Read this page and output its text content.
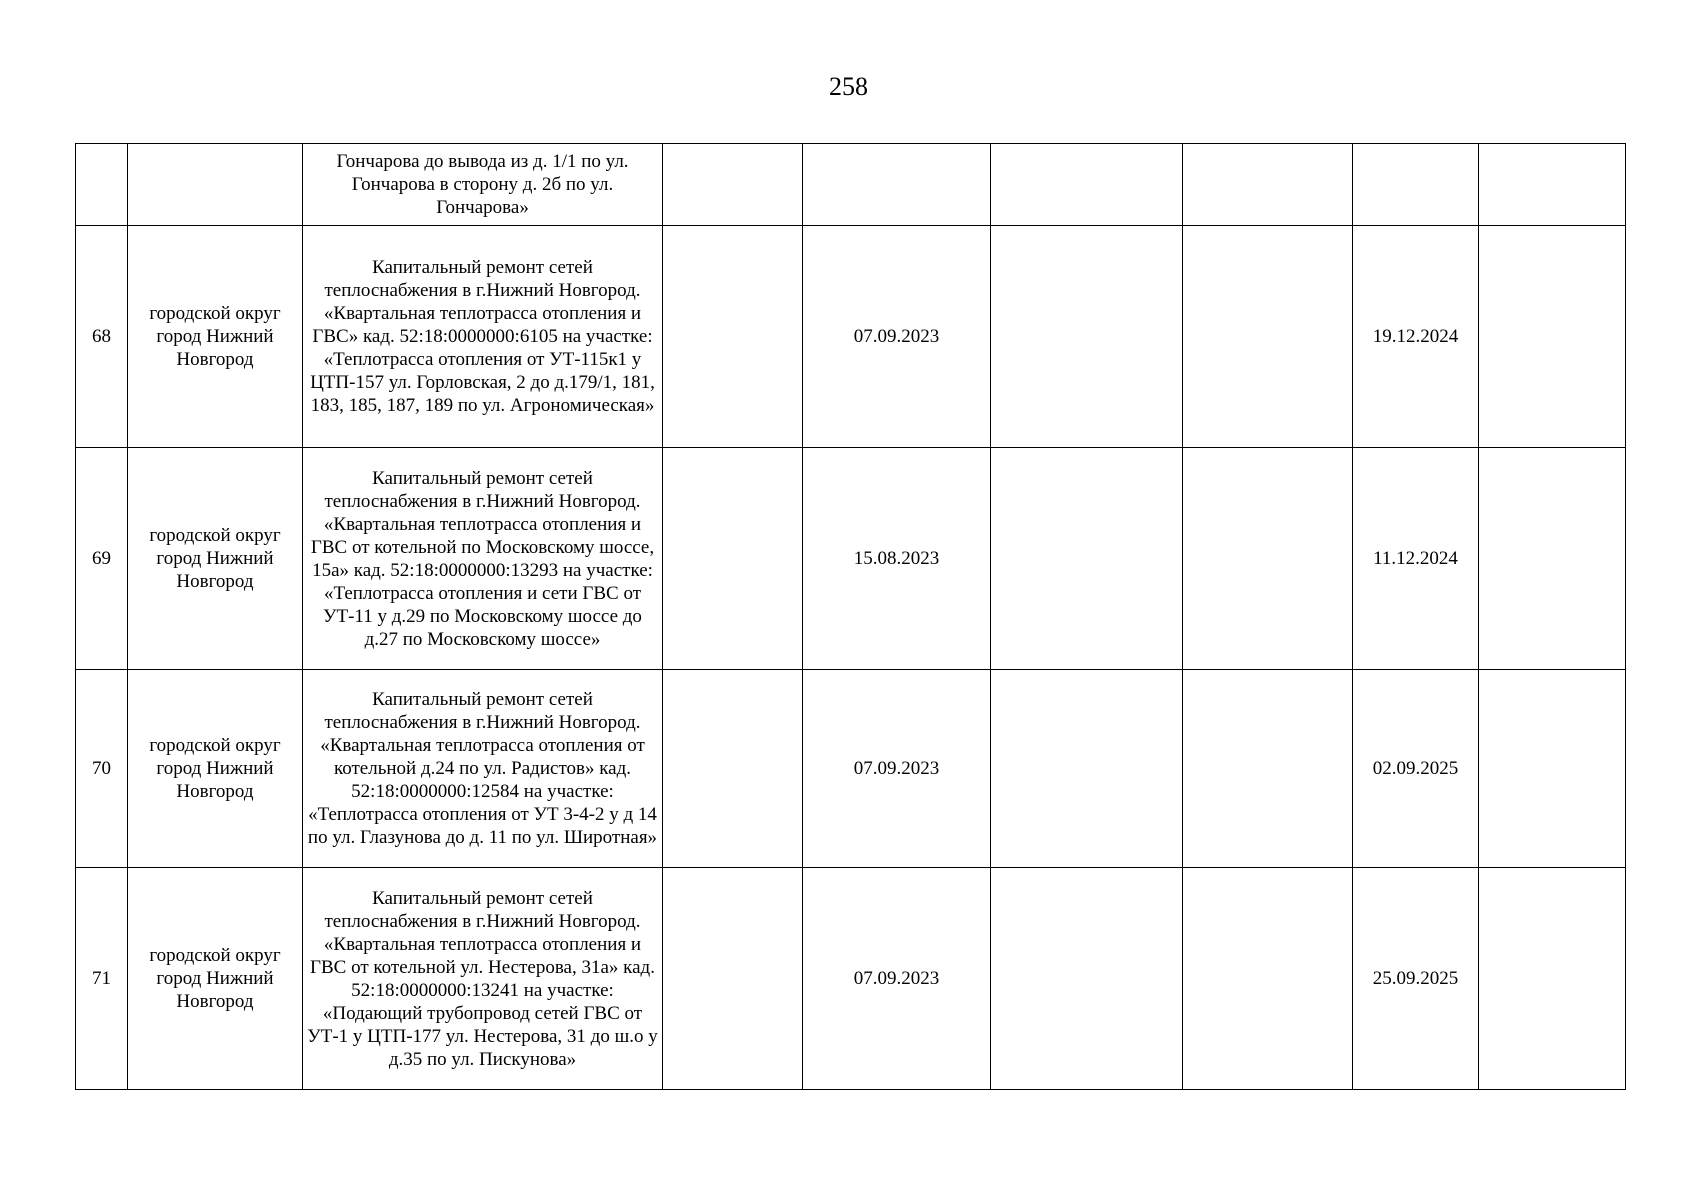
258
		Гончарова до вывода из д. 1/1 по ул. Гончарова в сторону д. 2б по ул. Гончарова»						
68	городской округ город Нижний Новгород	Капитальный ремонт сетей теплоснабжения в г.Нижний Новгород. «Квартальная теплотрасса отопления и ГВС» кад. 52:18:0000000:6105 на участке: «Теплотрасса отопления от УТ-115к1 у ЦТП-157 ул. Горловская, 2 до д.179/1, 181, 183, 185, 187, 189 по ул. Агрономическая»		07.09.2023			19.12.2024	
69	городской округ город Нижний Новгород	Капитальный ремонт сетей теплоснабжения в г.Нижний Новгород. «Квартальная теплотрасса отопления и ГВС от котельной по Московскому шоссе, 15а» кад. 52:18:0000000:13293 на участке: «Теплотрасса отопления и сети ГВС от УТ-11 у д.29 по Московскому шоссе до д.27 по Московскому шоссе»		15.08.2023			11.12.2024	
70	городской округ город Нижний Новгород	Капитальный ремонт сетей теплоснабжения в г.Нижний Новгород. «Квартальная теплотрасса отопления от котельной д.24 по ул. Радистов» кад. 52:18:0000000:12584 на участке: «Теплотрасса отопления от УТ 3-4-2 у д 14 по ул. Глазунова до д. 11 по ул. Широтная»		07.09.2023			02.09.2025	
71	городской округ город Нижний Новгород	Капитальный ремонт сетей теплоснабжения в г.Нижний Новгород. «Квартальная теплотрасса отопления и ГВС от котельной ул. Нестерова, 31а» кад. 52:18:0000000:13241 на участке: «Подающий трубопровод сетей ГВС от УТ-1 у ЦТП-177 ул. Нестерова, 31 до ш.о у д.35 по ул. Пискунова»		07.09.2023			25.09.2025	
